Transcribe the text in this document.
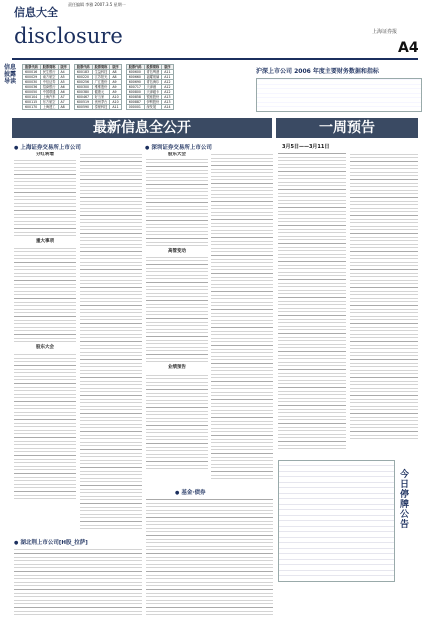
信息大全
disclosure
责任编辑 李雅 2007.3.5 星期一
上海证券报
A4
信息披露导读
股票代码	股票简称	版序
600016	民生银行	A4
600029	南方航空	A5
600030	中信证券	A5
600036	招商银行	A6
600050	中国联通	A6
600104	上海汽车	A7
600115	东方航空	A7
600170	上海建工	A8
股票代码	股票简称	版序
600183	生益科技	A8
600220	江苏阳光	A8
600256	广汇股份	A9
600300	维维股份	A9
600380	健康元	A9
600467	好当家	A10
600519	贵州茅台	A10
600590	泰豪科技	A11
股票代码	股票简称	版序
600600	青岛啤酒	A11
600660	福耀玻璃	A11
600690	青岛海尔	A12
600717	天津港	A12
600800	天津磁卡	A12
600858	银座股份	A13
600887	伊利股份	A13
000001	深发展	A14
沪深上市公司 2006 年度主要财务数据和指标
最新信息全公开	一周预告
● 上海证券交易所上市公司	● 深圳证券交易所上市公司	3月5日——3月11日
分红转增
重大事项
股东大会
股东大会
高管变动
业绩预告
今日停牌公告
● 湖北荆上市公司[H股_拉萨]
● 基金·债券
